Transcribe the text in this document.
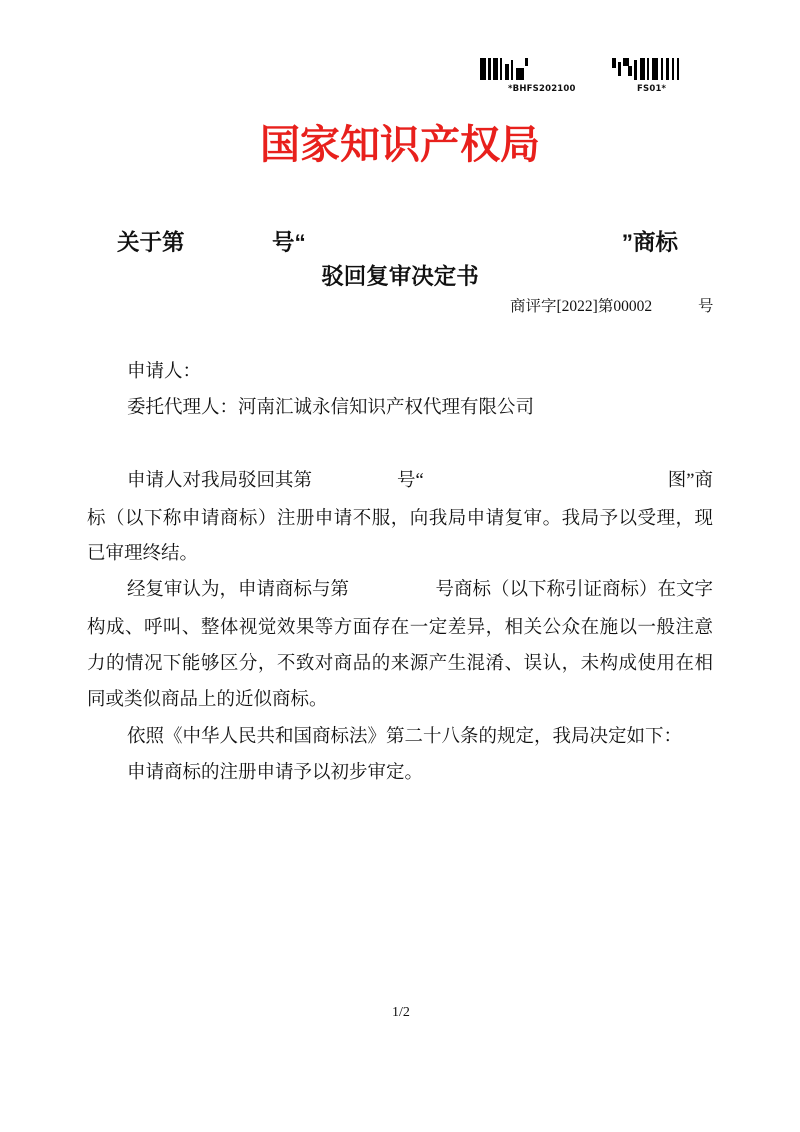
*BHFS202100	FS01*
国家知识产权局
关于第	号“	”商标
驳回复审决定书
商评字[2022]第00002	号
申请人：
委托代理人：河南汇诚永信知识产权代理有限公司
申请人对我局驳回其第	号“	图”商
标（以下称申请商标）注册申请不服，向我局申请复审。我局予以受理，现
已审理终结。
经复审认为，申请商标与第	号商标（以下称引证商标）在文字
构成、呼叫、整体视觉效果等方面存在一定差异，相关公众在施以一般注意
力的情况下能够区分，不致对商品的来源产生混淆、误认，未构成使用在相
同或类似商品上的近似商标。
依照《中华人民共和国商标法》第二十八条的规定，我局决定如下：
申请商标的注册申请予以初步审定。
1/2
